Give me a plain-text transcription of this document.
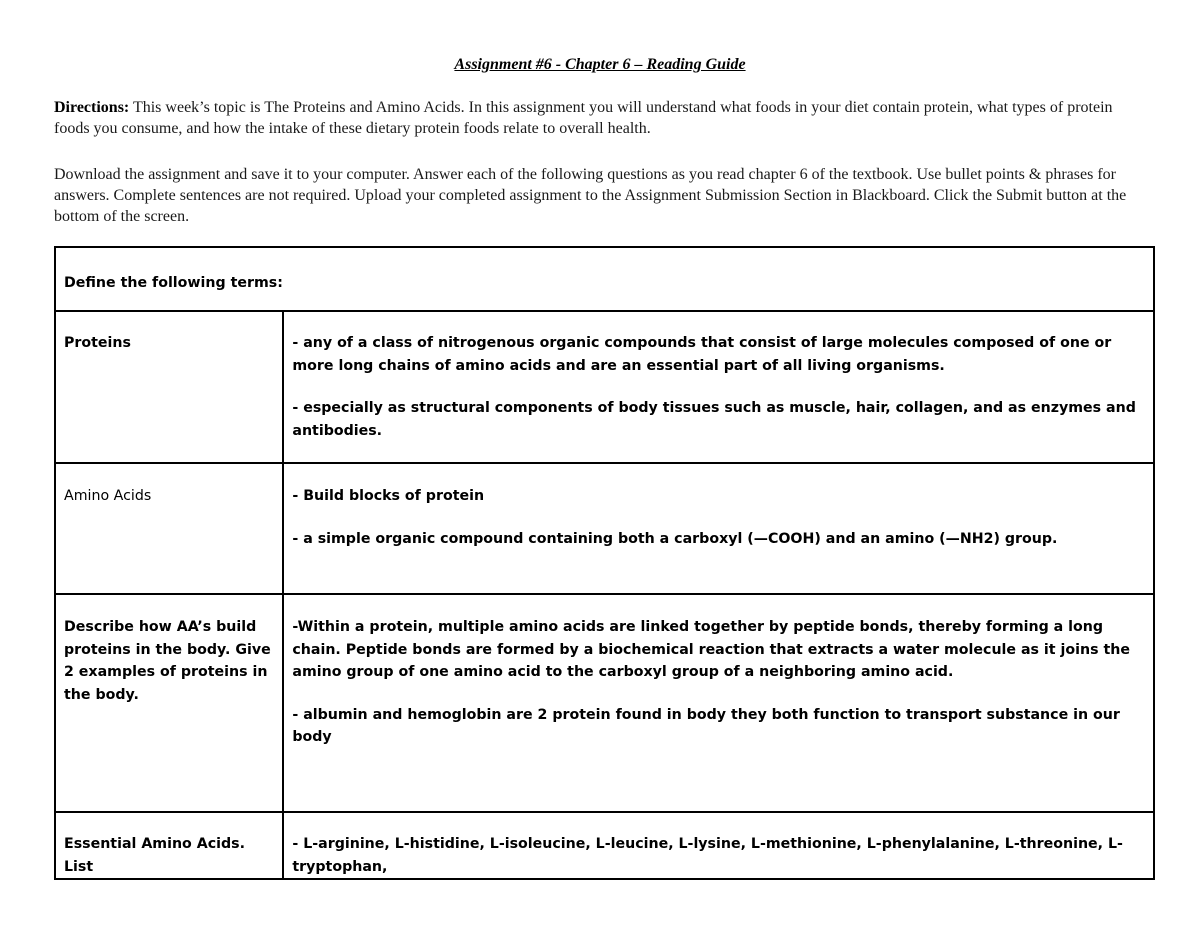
Assignment #6 - Chapter 6 – Reading Guide
Directions: This week’s topic is The Proteins and Amino Acids. In this assignment you will understand what foods in your diet contain protein, what types of protein foods you consume, and how the intake of these dietary protein foods relate to overall health.
Download the assignment and save it to your computer. Answer each of the following questions as you read chapter 6 of the textbook. Use bullet points & phrases for answers. Complete sentences are not required. Upload your completed assignment to the Assignment Submission Section in Blackboard. Click the Submit button at the bottom of the screen.
Define the following terms:	
Proteins	- any of a class of nitrogenous organic compounds that consist of large molecules composed of one or more long chains of amino acids and are an essential part of all living organisms.

- especially as structural components of body tissues such as muscle, hair, collagen, and as enzymes and antibodies.

Amino Acids	- Build blocks of protein

- a simple organic compound containing both a carboxyl (—COOH) and an amino (—NH2) group.

Describe how AA’s build proteins in the body. Give 2 examples of proteins in the body.	-Within a protein, multiple amino acids are linked together by peptide bonds, thereby forming a long chain. Peptide bonds are formed by a biochemical reaction that extracts a water molecule as it joins the amino group of one amino acid to the carboxyl group of a neighboring amino acid.

- albumin and hemoglobin are 2 protein found in body they both function to transport substance in our body

Essential Amino Acids. List	- L-arginine, L-histidine, L-isoleucine, L-leucine, L-lysine, L-methionine, L-phenylalanine, L-threonine, L-tryptophan,
